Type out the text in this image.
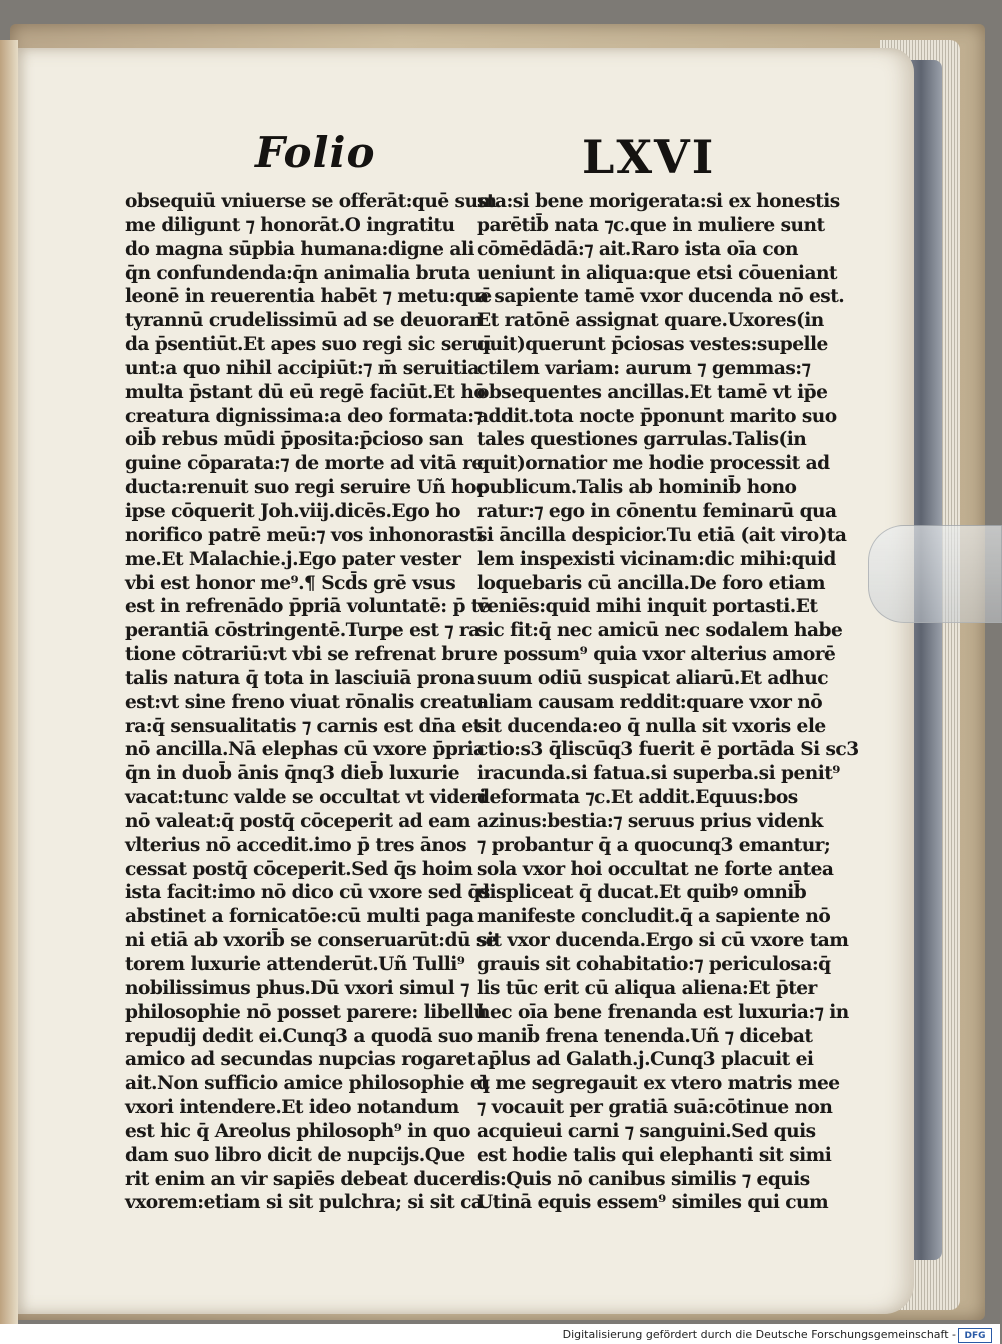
Folio	LXVI
obsequiū vniuerse se offerāt:quē sum
me diligunt ⁊ honorāt.O ingratitu
do magna sūpbia humana:digne ali
q̄n confundenda:q̄n animalia bruta
leonē in reuerentia habēt ⁊ metu:quē
tyrannū crudelissimū ad se deuoran
da p̄sentiūt.Et apes suo regi sic seruī
unt:a quo nihil accipiūt:⁊ m̄ seruitia
multa p̄stant dū eū regē faciūt.Et hō
creatura dignissima:a deo formata:⁊
oib̄ rebus mūdi p̄posita:p̄cioso san
guine cōparata:⁊ de morte ad vitā re
ducta:renuit suo regi seruire Uñ hoc
ipse cōquerit Joh.viij.dicēs.Ego ho
norifico patrē meū:⁊ vos inhonorastī
me.Et Malachie.j.Ego pater vester
vbi est honor me⁹.¶ Scd̄s grē vsus
est in refrenādo p̄priā voluntatē: p̄ tē
perantiā cōstringentē.Turpe est ⁊ ra
tione cōtrariū:vt vbi se refrenat bru
talis natura q̄ tota in lasciuiā prona
est:vt sine freno viuat rōnalis creatu
ra:q̄ sensualitatis ⁊ carnis est dn̄a et
nō ancilla.Nā elephas cū vxore p̄pria
q̄n in duob̄ ānis q̄nq3 dieb̄ luxurie
vacat:tunc valde se occultat vt videri
nō valeat:q̄ postq̄ cōceperit ad eam
vlterius nō accedit.imo p̄ tres ānos
cessat postq̄ cōceperit.Sed q̄s hoim
ista facit:imo nō dico cū vxore sed q̄s
abstinet a fornicatōe:cū multi paga
ni etiā ab vxorib̄ se conseruarūt:dū se
torem luxurie attenderūt.Uñ Tulli⁹
nobilissimus phus.Dū vxori simul ⁊
philosophie nō posset parere: libellū
repudij dedit ei.Cunq3 a quodā suo
amico ad secundas nupcias rogaret
ait.Non sufficio amice philosophie et
vxori intendere.Et ideo notandum
est hic q̄ Areolus philosoph⁹ in quo
dam suo libro dicit de nupcijs.Que
rit enim an vir sapiēs debeat ducere
vxorem:etiam si sit pulchra; si sit ca
sta:si bene morigerata:si ex honestis
parētib̄ nata ⁊c.que in muliere sunt
cōmēdādā:⁊ ait.Raro ista oīa con
ueniunt in aliqua:que etsi cōueniant
a sapiente tamē vxor ducenda nō est.
Et ratōnē assignat quare.Uxores(in
quit)querunt p̄ciosas vestes:supelle
ctilem variam: aurum ⁊ gemmas:⁊
obsequentes ancillas.Et tamē vt ip̄e
addit.tota nocte p̄ponunt marito suo
tales questiones garrulas.Talis(in
quit)ornatior me hodie processit ad
publicum.Talis ab hominib̄ hono
ratur:⁊ ego in cōnentu feminarū qua
si āncilla despicior.Tu etiā (ait viro)ta
lem inspexisti vicinam:dic mihi:quid
loquebaris cū ancilla.De foro etiam
veniēs:quid mihi inquit portasti.Et
sic fit:q̄ nec amicū nec sodalem habe
re possum⁹ quia vxor alterius amorē
suum odiū suspicat aliarū.Et adhuc
aliam causam reddit:quare vxor nō
sit ducenda:eo q̄ nulla sit vxoris ele
ctio:s3 q̄liscūq3 fuerit ē portāda Si sc3
iracunda.si fatua.si superba.si penit⁹
deformata ⁊c.Et addit.Equus:bos
azinus:bestia:⁊ seruus prius videnk
⁊ probantur q̄ a quocunq3 emantur;
sola vxor hoi occultat ne forte antea
displiceat q̄ ducat.Et quibꝰ omnib̄
manifeste concludit.q̄ a sapiente nō
sit vxor ducenda.Ergo si cū vxore tam
grauis sit cohabitatio:⁊ periculosa:q̄
lis tūc erit cū aliqua aliena:Et p̄ter
hec oīa bene frenanda est luxuria:⁊ in
manib̄ frena tenenda.Uñ ⁊ dicebat
ap̄lus ad Galath.j.Cunq3 placuit ei
q̄ me segregauit ex vtero matris mee
⁊ vocauit per gratiā suā:cōtinue non
acquieui carni ⁊ sanguini.Sed quis
est hodie talis qui elephanti sit simi
lis:Quis nō canibus similis ⁊ equis
Utinā equis essem⁹ similes qui cum
Digitalisierung gefördert durch die Deutsche Forschungsgemeinschaft - DFG
